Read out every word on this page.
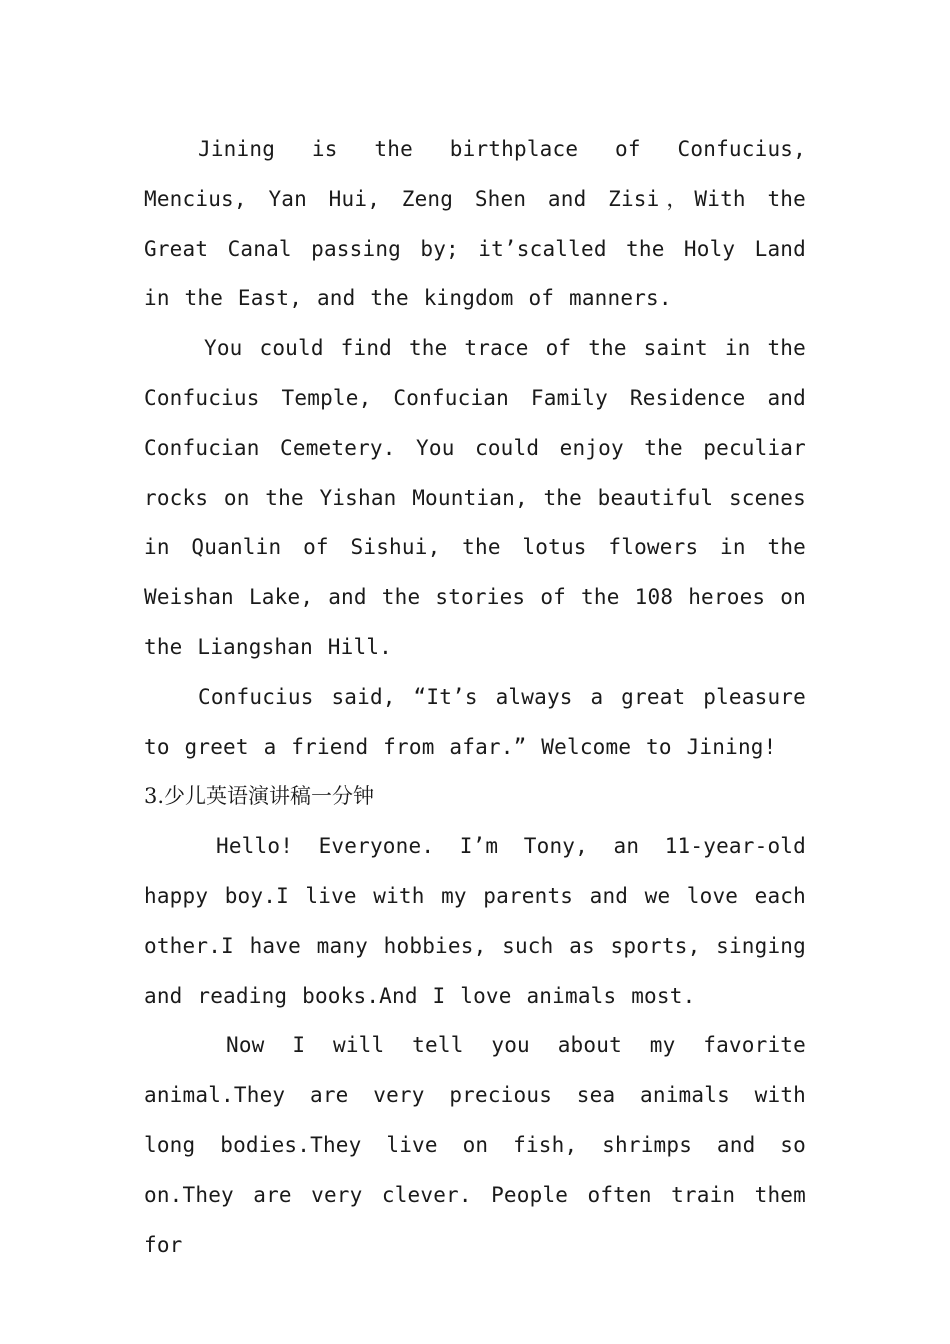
Jining is the birthplace of Confucius, Mencius, Yan Hui, Zeng Shen and Zisi，With the Great Canal passing by; it’scalled the Holy Land in the East, and the kingdom of manners.

You could find the trace of the saint in the Confucius Temple, Confucian Family Residence and Confucian Cemetery. You could enjoy the peculiar rocks on the Yishan Mountian, the beautiful scenes in Quanlin of Sishui, the lotus flowers in the Weishan Lake, and the stories of the 108 heroes on the Liangshan Hill.

Confucius said, “It’s always a great pleasure to greet a friend from afar.” Welcome to Jining!

3.少儿英语演讲稿一分钟

Hello! Everyone. I’m Tony, an 11-year-old happy boy.I live with my parents and we love each other.I have many hobbies, such as sports, singing and reading books.And I love animals most.

Now I will tell you about my favorite animal.They are very precious sea animals with long bodies.They live on fish, shrimps and so on.They are very clever. People often train them for
